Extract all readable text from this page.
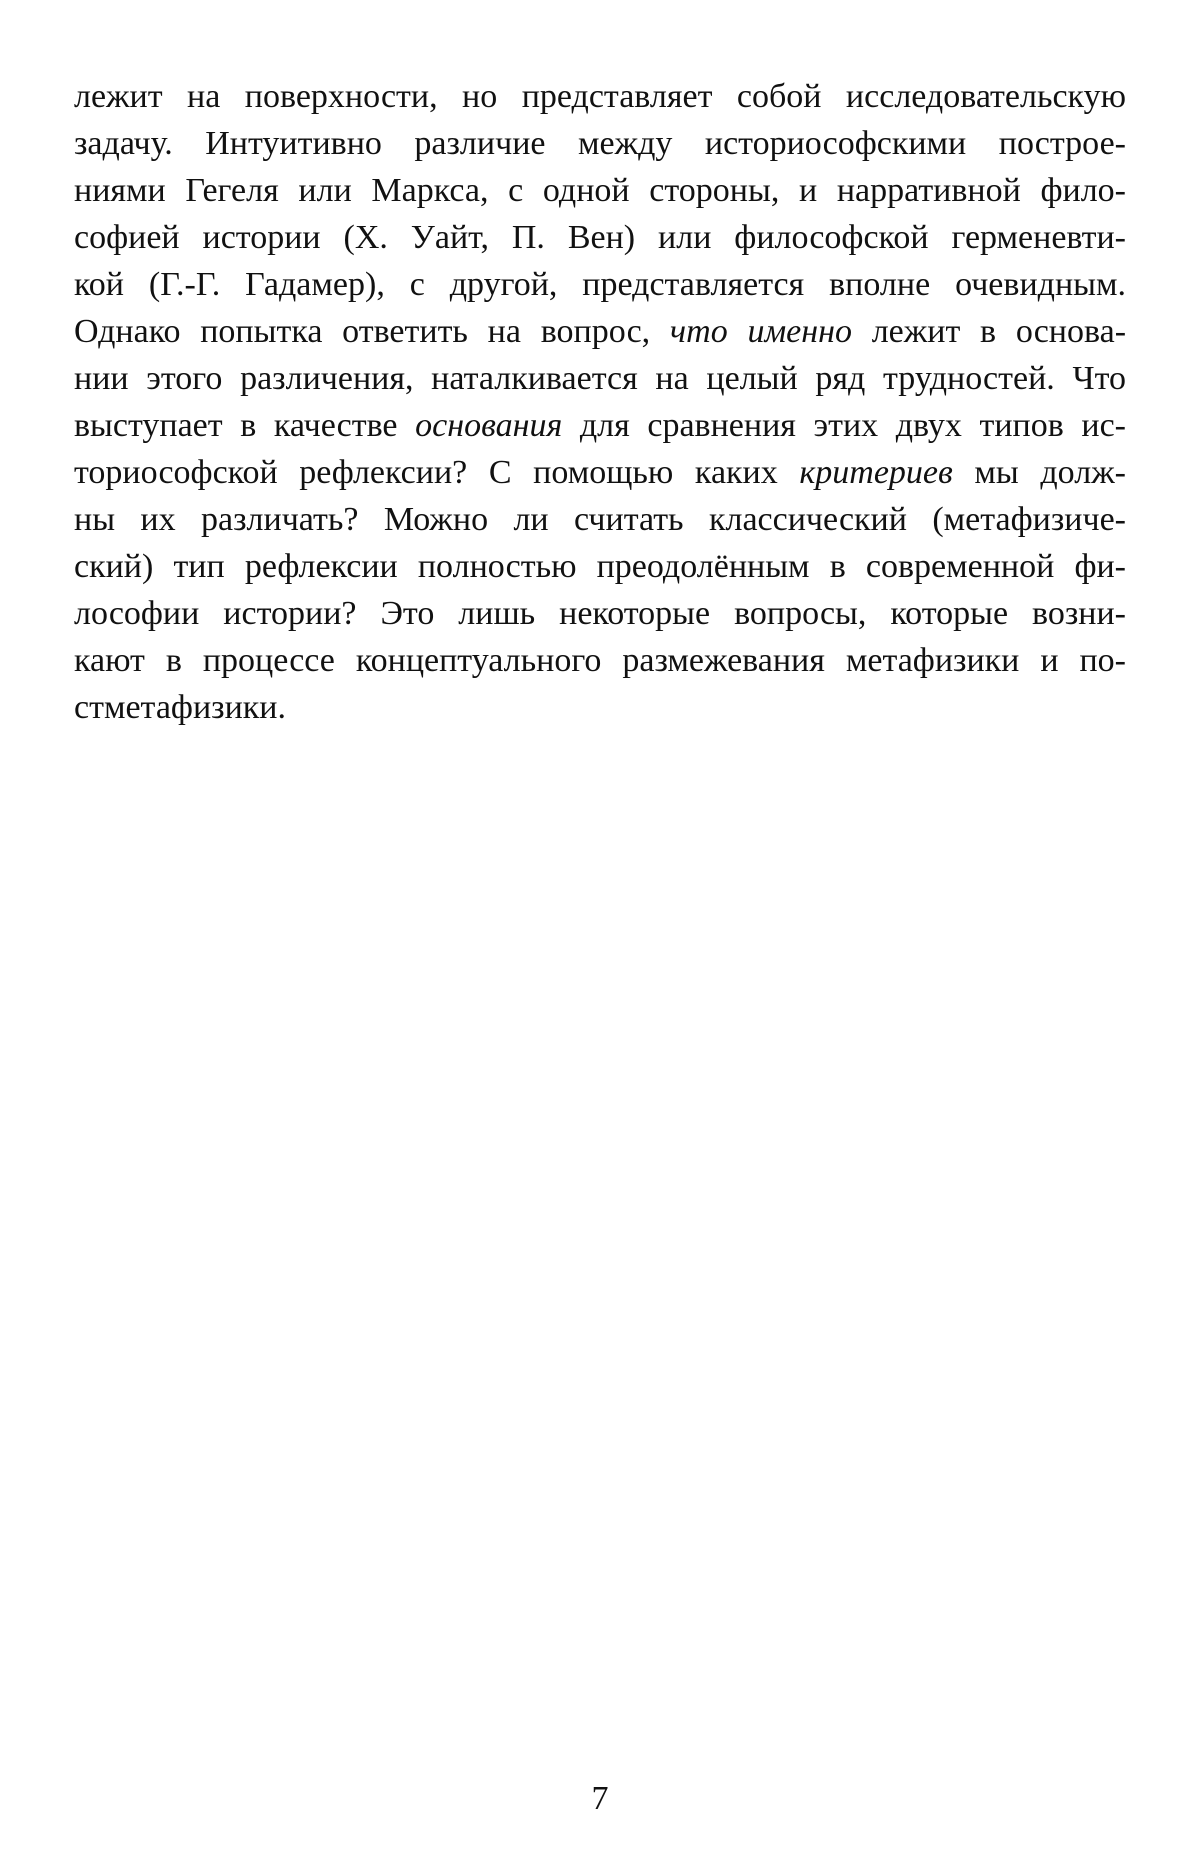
лежит на поверхности, но представляет собой исследовательскую
задачу. Интуитивно различие между историософскими построе-
ниями Гегеля или Маркса, с одной стороны, и нарративной фило-
софией истории (Х. Уайт, П. Вен) или философской герменевти-
кой (Г.-Г. Гадамер), с другой, представляется вполне очевидным.
Однако попытка ответить на вопрос, что именно лежит в основа-
нии этого различения, наталкивается на целый ряд трудностей. Что
выступает в качестве основания для сравнения этих двух типов ис-
ториософской рефлексии? С помощью каких критериев мы долж-
ны их различать? Можно ли считать классический (метафизиче-
ский) тип рефлексии полностью преодолённым в современной фи-
лософии истории? Это лишь некоторые вопросы, которые возни-
кают в процессе концептуального размежевания метафизики и по-
стметафизики.
7
